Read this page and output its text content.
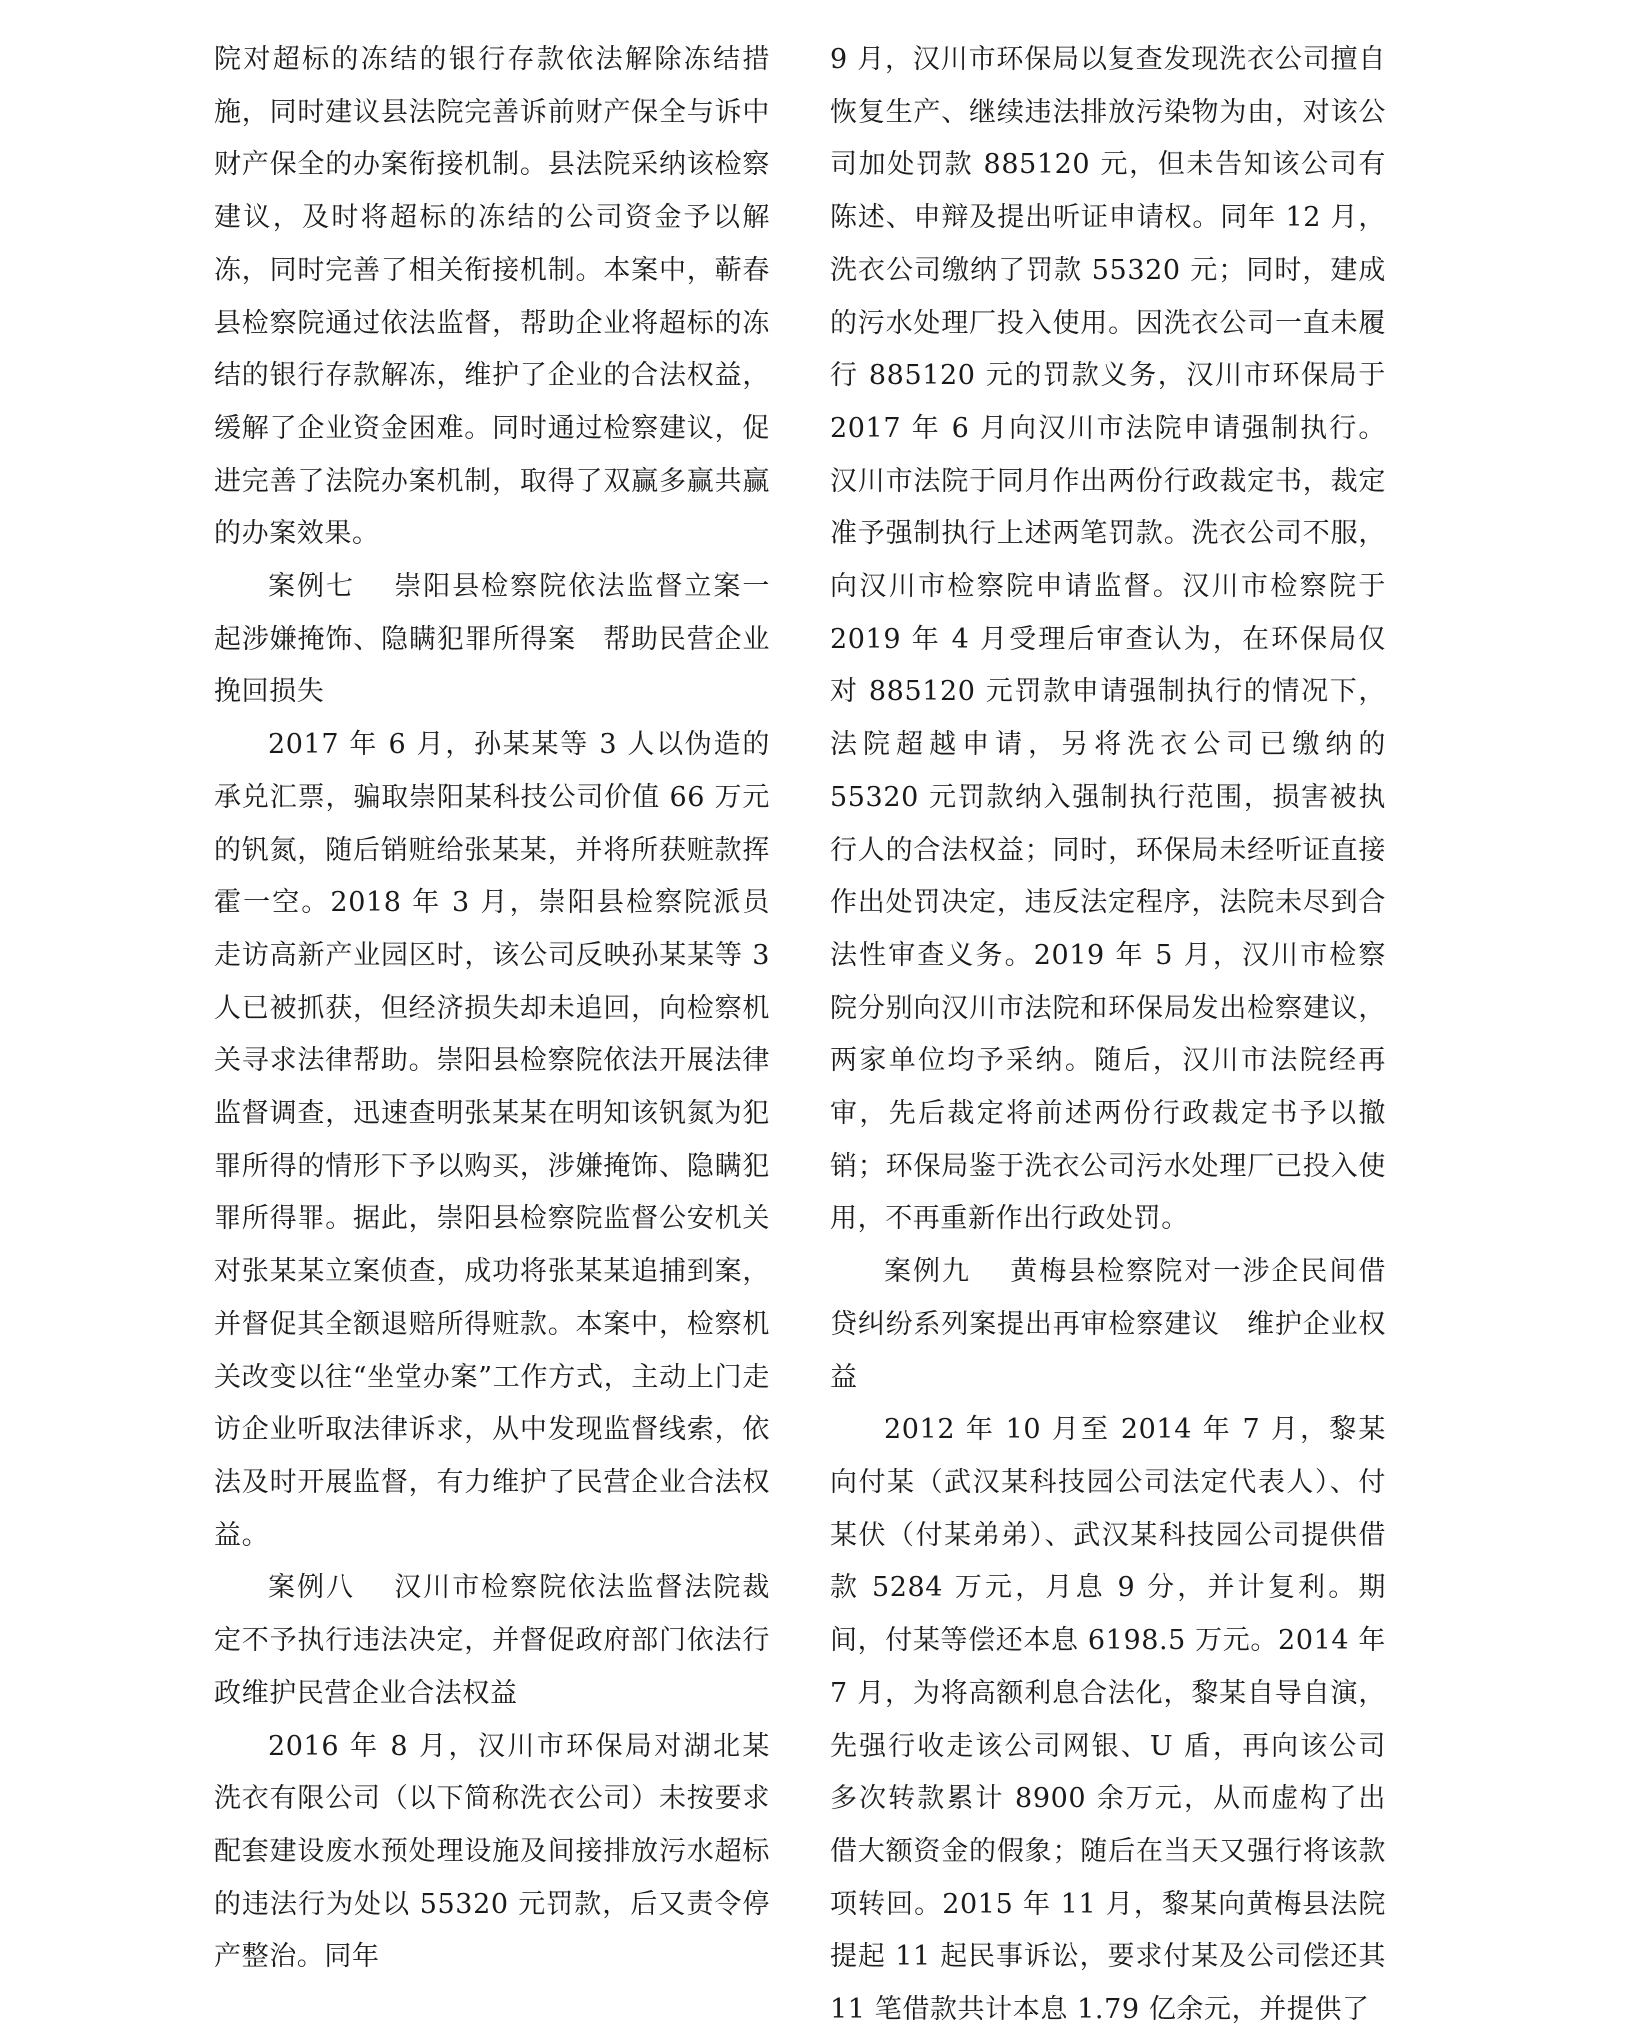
院对超标的冻结的银行存款依法解除冻结措施，同时建议县法院完善诉前财产保全与诉中财产保全的办案衔接机制。县法院采纳该检察建议，及时将超标的冻结的公司资金予以解冻，同时完善了相关衔接机制。本案中，蕲春县检察院通过依法监督，帮助企业将超标的冻结的银行存款解冻，维护了企业的合法权益，缓解了企业资金困难。同时通过检察建议，促进完善了法院办案机制，取得了双赢多赢共赢的办案效果。

案例七 崇阳县检察院依法监督立案一起涉嫌掩饰、隐瞒犯罪所得案 帮助民营企业挽回损失

2017 年 6 月，孙某某等 3 人以伪造的承兑汇票，骗取崇阳某科技公司价值 66 万元的钒氮，随后销赃给张某某，并将所获赃款挥霍一空。2018 年 3 月，崇阳县检察院派员走访高新产业园区时，该公司反映孙某某等 3 人已被抓获，但经济损失却未追回，向检察机关寻求法律帮助。崇阳县检察院依法开展法律监督调查，迅速查明张某某在明知该钒氮为犯罪所得的情形下予以购买，涉嫌掩饰、隐瞒犯罪所得罪。据此，崇阳县检察院监督公安机关对张某某立案侦查，成功将张某某追捕到案，并督促其全额退赔所得赃款。本案中，检察机关改变以往“坐堂办案”工作方式，主动上门走访企业听取法律诉求，从中发现监督线索，依法及时开展监督，有力维护了民营企业合法权益。

案例八 汉川市检察院依法监督法院裁定不予执行违法决定，并督促政府部门依法行政维护民营企业合法权益

2016 年 8 月，汉川市环保局对湖北某洗衣有限公司（以下简称洗衣公司）未按要求配套建设废水预处理设施及间接排放污水超标的违法行为处以 55320 元罚款，后又责令停产整治。同年

9 月，汉川市环保局以复查发现洗衣公司擅自恢复生产、继续违法排放污染物为由，对该公司加处罚款 885120 元，但未告知该公司有陈述、申辩及提出听证申请权。同年 12 月，洗衣公司缴纳了罚款 55320 元；同时，建成的污水处理厂投入使用。因洗衣公司一直未履行 885120 元的罚款义务，汉川市环保局于 2017 年 6 月向汉川市法院申请强制执行。汉川市法院于同月作出两份行政裁定书，裁定准予强制执行上述两笔罚款。洗衣公司不服，向汉川市检察院申请监督。汉川市检察院于 2019 年 4 月受理后审查认为，在环保局仅对 885120 元罚款申请强制执行的情况下，法院超越申请，另将洗衣公司已缴纳的 55320 元罚款纳入强制执行范围，损害被执行人的合法权益；同时，环保局未经听证直接作出处罚决定，违反法定程序，法院未尽到合法性审查义务。2019 年 5 月，汉川市检察院分别向汉川市法院和环保局发出检察建议，两家单位均予采纳。随后，汉川市法院经再审，先后裁定将前述两份行政裁定书予以撤销；环保局鉴于洗衣公司污水处理厂已投入使用，不再重新作出行政处罚。

案例九 黄梅县检察院对一涉企民间借贷纠纷系列案提出再审检察建议 维护企业权益

2012 年 10 月至 2014 年 7 月，黎某向付某（武汉某科技园公司法定代表人）、付某伏（付某弟弟）、武汉某科技园公司提供借款 5284 万元，月息 9 分，并计复利。期间，付某等偿还本息 6198.5 万元。2014 年 7 月，为将高额利息合法化，黎某自导自演，先强行收走该公司网银、U 盾，再向该公司多次转款累计 8900 余万元，从而虚构了出借大额资金的假象；随后在当天又强行将该款项转回。2015 年 11 月，黎某向黄梅县法院提起 11 起民事诉讼，要求付某及公司偿还其 11 笔借款共计本息 1.79 亿余元，并提供了
